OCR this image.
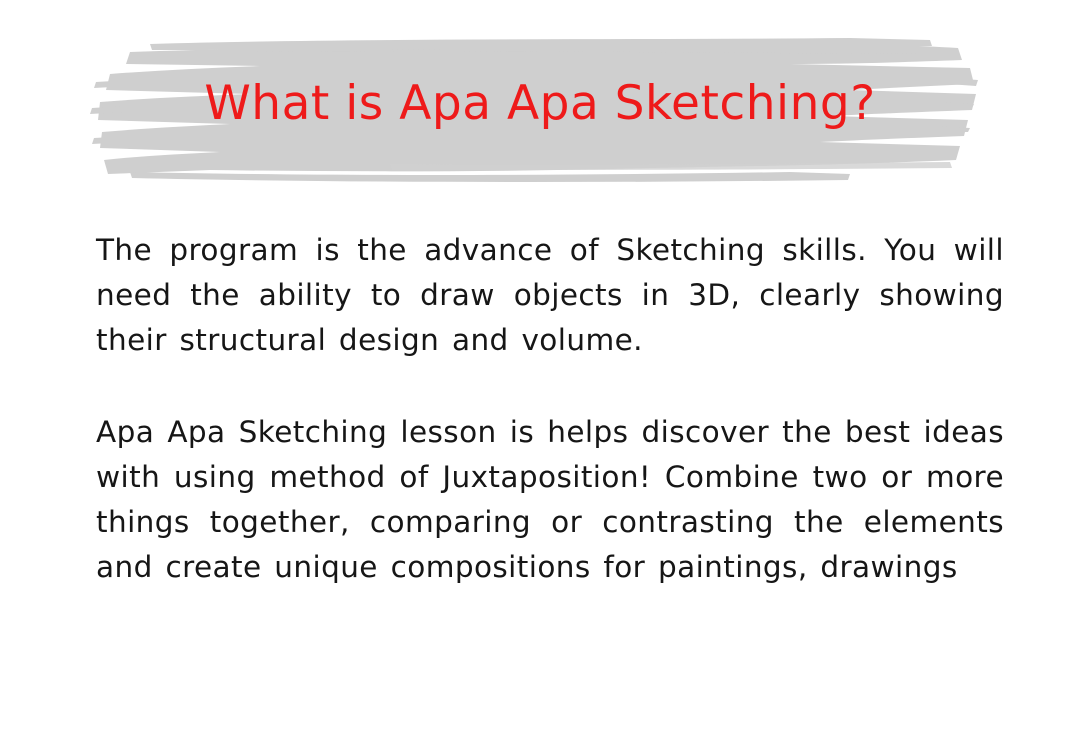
What is Apa Apa Sketching?

The program is the advance of Sketching skills. You will need the ability to draw objects in 3D, clearly showing their structural design and volume.

Apa Apa Sketching lesson is helps discover the best ideas with using method of Juxtaposition! Combine two or more things together, comparing or contrasting the elements and create unique compositions for paintings, drawings
